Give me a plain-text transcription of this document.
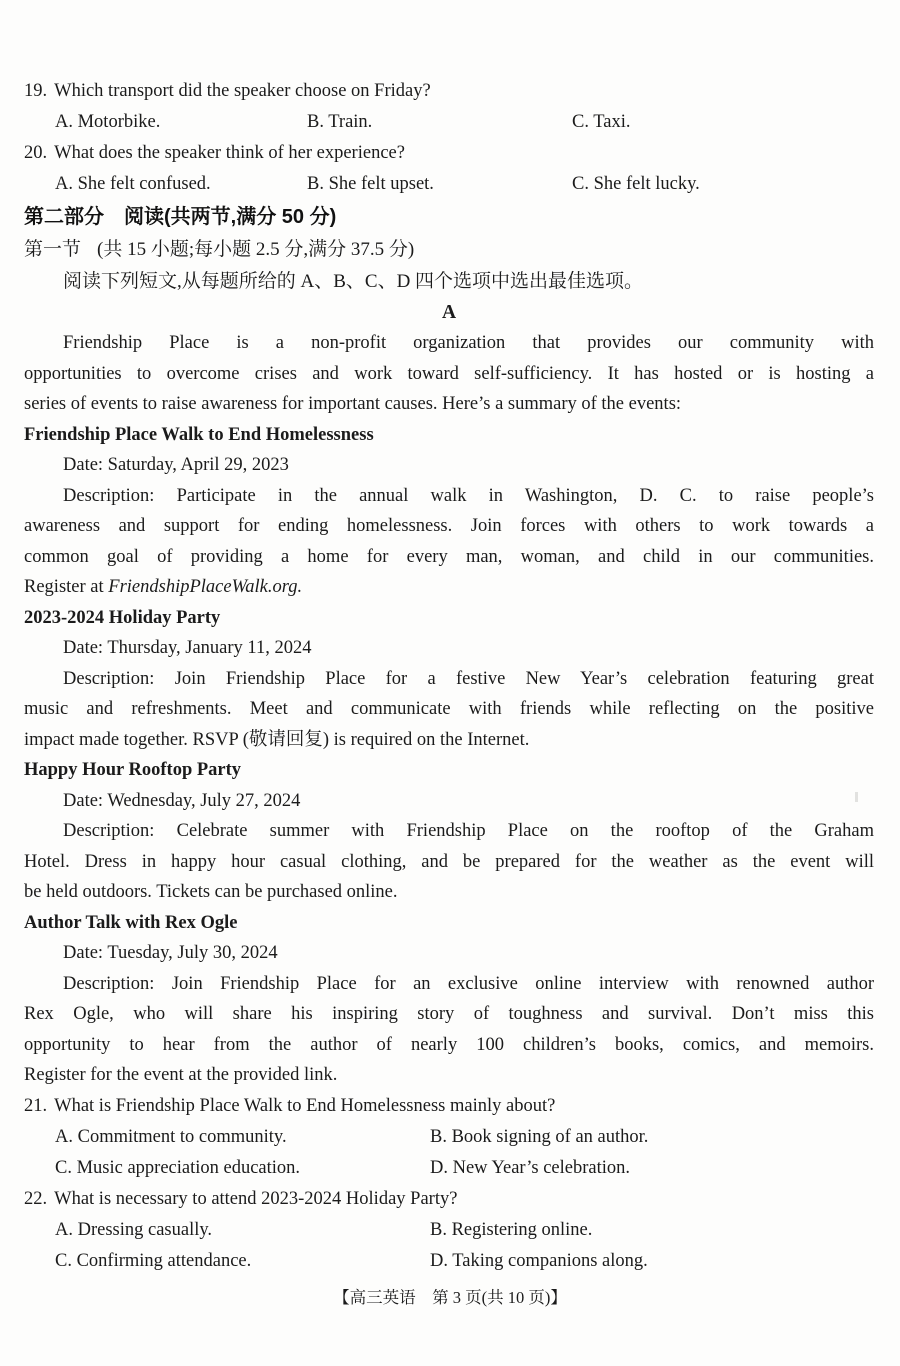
19. Which transport did the speaker choose on Friday?
A. Motorbike.	B. Train.	C. Taxi.
20. What does the speaker think of her experience?
A. She felt confused.	B. She felt upset.	C. She felt lucky.
第二部分 阅读(共两节,满分 50 分)
第一节 (共 15 小题;每小题 2.5 分,满分 37.5 分)
阅读下列短文,从每题所给的 A、B、C、D 四个选项中选出最佳选项。
A
Friendship Place is a non-profit organization that provides our community with
opportunities to overcome crises and work toward self-sufficiency. It has hosted or is hosting a
series of events to raise awareness for important causes. Here’s a summary of the events:
Friendship Place Walk to End Homelessness
Date: Saturday, April 29, 2023
Description: Participate in the annual walk in Washington, D. C. to raise people’s
awareness and support for ending homelessness. Join forces with others to work towards a
common goal of providing a home for every man, woman, and child in our communities.
Register at FriendshipPlaceWalk.org.
2023-2024 Holiday Party
Date: Thursday, January 11, 2024
Description: Join Friendship Place for a festive New Year’s celebration featuring great
music and refreshments. Meet and communicate with friends while reflecting on the positive
impact made together. RSVP (敬请回复) is required on the Internet.
Happy Hour Rooftop Party
Date: Wednesday, July 27, 2024
Description: Celebrate summer with Friendship Place on the rooftop of the Graham
Hotel. Dress in happy hour casual clothing, and be prepared for the weather as the event will
be held outdoors. Tickets can be purchased online.
Author Talk with Rex Ogle
Date: Tuesday, July 30, 2024
Description: Join Friendship Place for an exclusive online interview with renowned author
Rex Ogle, who will share his inspiring story of toughness and survival. Don’t miss this
opportunity to hear from the author of nearly 100 children’s books, comics, and memoirs.
Register for the event at the provided link.
21. What is Friendship Place Walk to End Homelessness mainly about?
A. Commitment to community.	B. Book signing of an author.
C. Music appreciation education.	D. New Year’s celebration.
22. What is necessary to attend 2023-2024 Holiday Party?
A. Dressing casually.	B. Registering online.
C. Confirming attendance.	D. Taking companions along.
【高三英语　第 3 页(共 10 页)】
